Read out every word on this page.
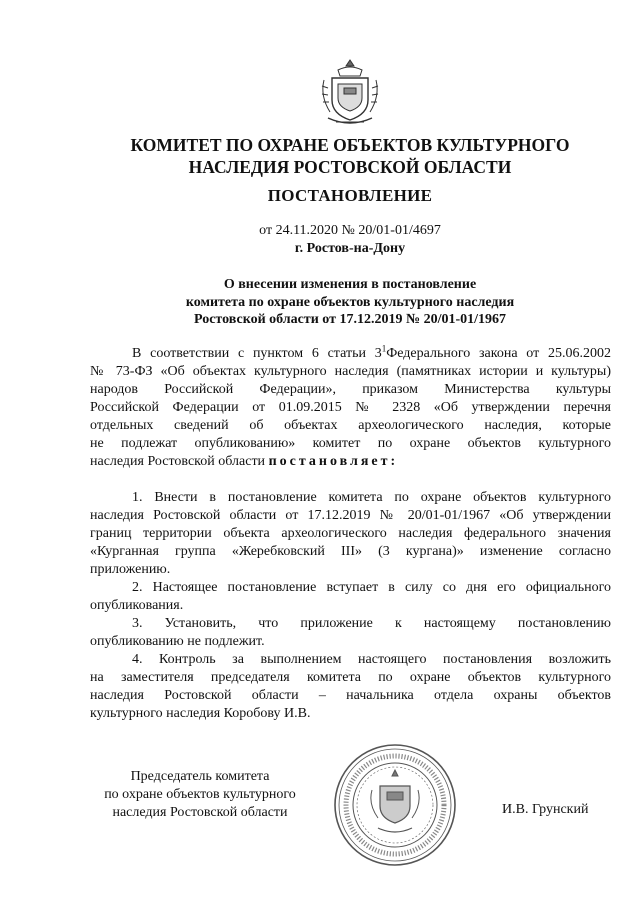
КОМИТЕТ ПО ОХРАНЕ ОБЪЕКТОВ КУЛЬТУРНОГО
НАСЛЕДИЯ РОСТОВСКОЙ ОБЛАСТИ
ПОСТАНОВЛЕНИЕ
от 24.11.2020 № 20/01-01/4697
г. Ростов-на-Дону
О внесении изменения в постановление
комитета по охране объектов культурного наследия
Ростовской области от 17.12.2019 № 20/01-01/1967
В соответствии с пунктом 6 статьи $3^1Федерального$ закона от 25.06.2002
№ 73-ФЗ «Об объектах культурного наследия (памятниках истории и культуры)
народов Российской Федерации», приказом Министерства культуры
Российской Федерации от 01.09.2015 № 2328 «Об утверждении перечня
отдельных сведений об объектах археологического наследия, которые
не подлежат опубликованию» комитет по охране объектов культурного
наследия Ростовской области постановляет:
1. Внести в постановление комитета по охране объектов культурного
наследия Ростовской области от 17.12.2019 № 20/01-01/1967 «Об утверждении
границ территории объекта археологического наследия федерального значения
«Курганная группа «Жеребковский III» (3 кургана)» изменение согласно
приложению.
2. Настоящее постановление вступает в силу со дня его официального
опубликования.
3. Установить, что приложение к настоящему постановлению
опубликованию не подлежит.
4. Контроль за выполнением настоящего постановления возложить
на заместителя председателя комитета по охране объектов культурного
наследия Ростовской области – начальника отдела охраны объектов
культурного наследия Коробову И.В.
Председатель комитета
по охране объектов культурного
наследия Ростовской области	И.В. Грунский
